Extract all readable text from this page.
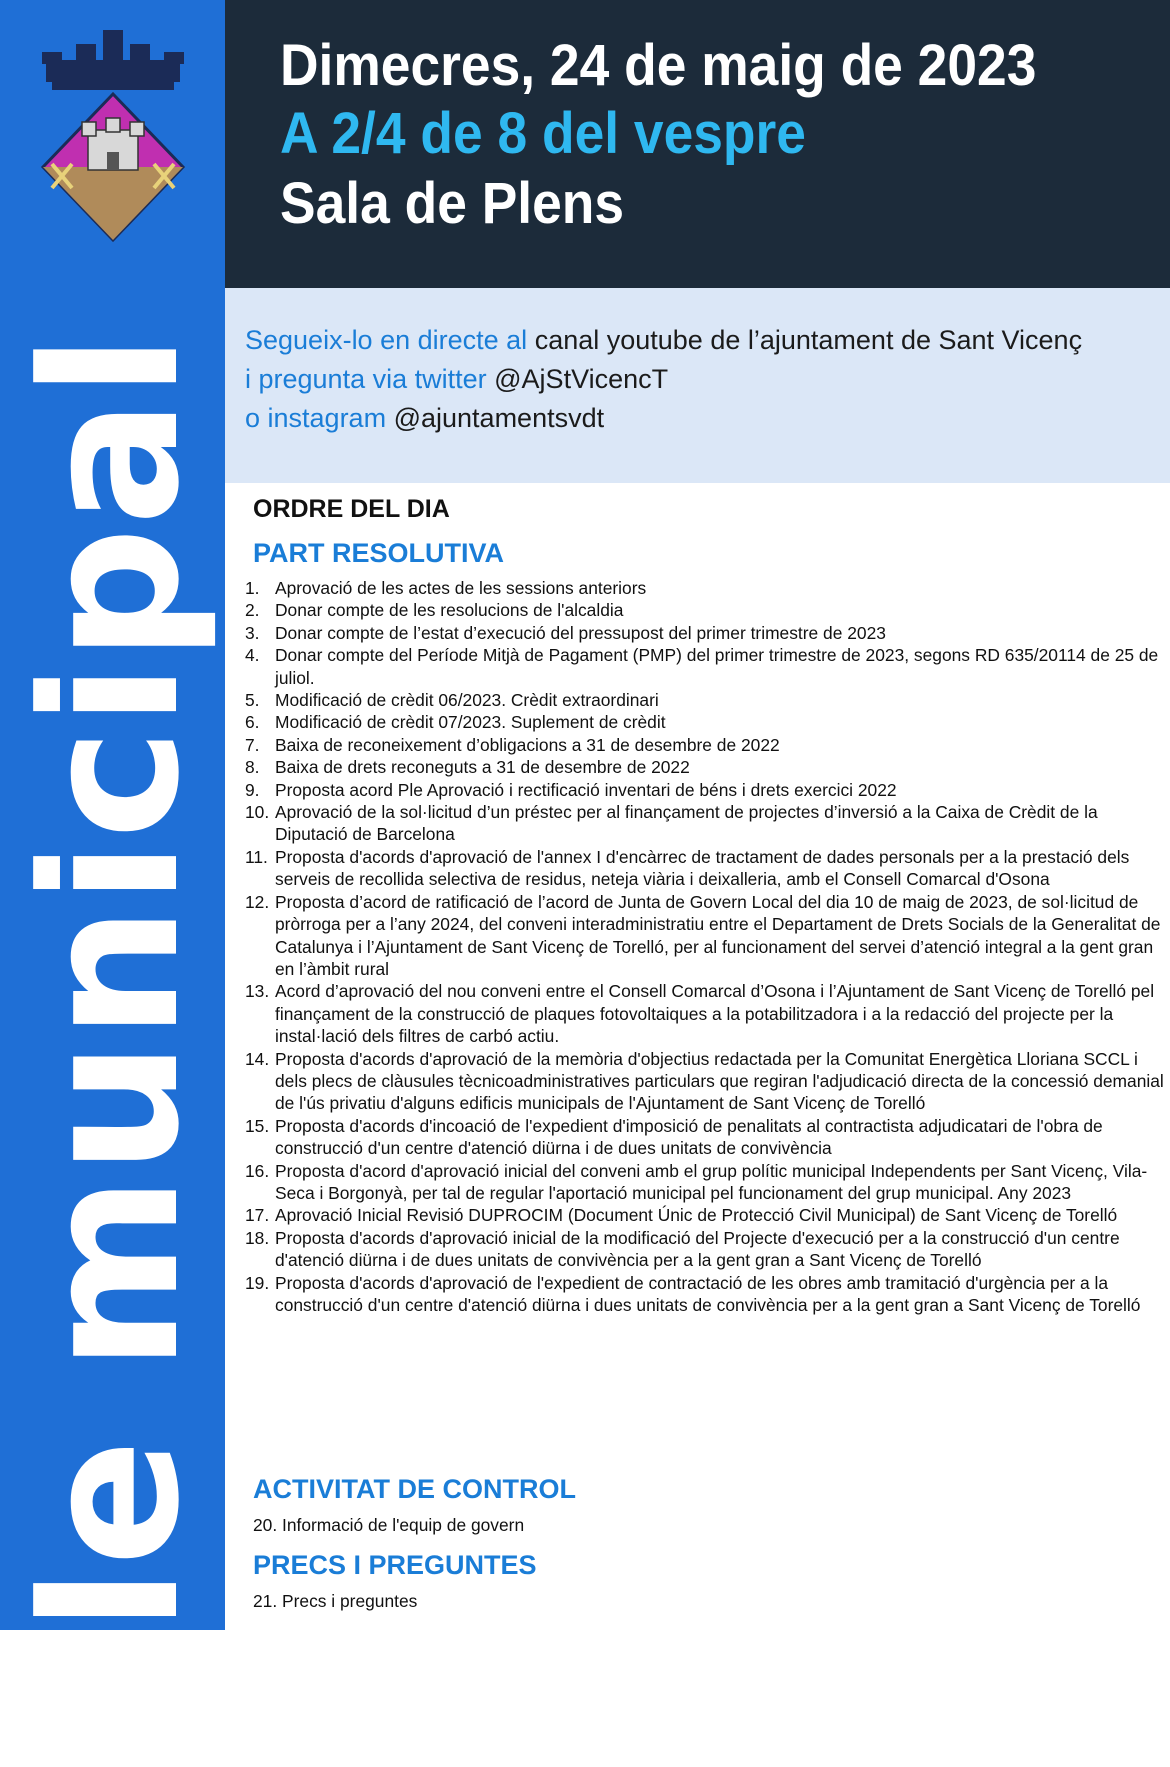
ple municipal
Dimecres, 24 de maig de 2023
A 2/4 de 8 del vespre
Sala de Plens

Segueix-lo en directe al canal youtube de l’ajuntament de Sant Vicenç

i pregunta via twitter @AjStVicencT

o instagram @ajuntamentsvdt

ORDRE DEL DIA
PART RESOLUTIVA
1. Aprovació de les actes de les sessions anteriors
2. Donar compte de les resolucions de l'alcaldia
3. Donar compte de l’estat d’execució del pressupost del primer trimestre de 2023
4. Donar compte del Període Mitjà de Pagament (PMP) del primer trimestre de 2023, segons RD 635/20114 de 25 de juliol.
5. Modificació de crèdit 06/2023. Crèdit extraordinari
6. Modificació de crèdit 07/2023. Suplement de crèdit
7. Baixa de reconeixement d’obligacions a 31 de desembre de 2022
8. Baixa de drets reconeguts a 31 de desembre de 2022
9. Proposta acord Ple Aprovació i rectificació inventari de béns i drets exercici 2022
10. Aprovació de la sol·licitud d’un préstec per al finançament de projectes d’inversió a la Caixa de Crèdit de la Diputació de Barcelona
11. Proposta d'acords d'aprovació de l'annex I d'encàrrec de tractament de dades personals per a la prestació dels serveis de recollida selectiva de residus, neteja viària i deixalleria, amb el Consell Comarcal d'Osona
12. Proposta d’acord de ratificació de l’acord de Junta de Govern Local del dia 10 de maig de 2023, de sol·licitud de pròrroga per a l’any 2024, del conveni interadministratiu entre el Departament de Drets Socials de la Generalitat de Catalunya i l’Ajuntament de Sant Vicenç de Torelló, per al funcionament del servei d’atenció integral a la gent gran en l’àmbit rural
13. Acord d’aprovació del nou conveni entre el Consell Comarcal d’Osona i l’Ajuntament de Sant Vicenç de Torelló pel finançament de la construcció de plaques fotovoltaiques a la potabilitzadora i a la redacció del projecte per la instal·lació dels filtres de carbó actiu.
14. Proposta d'acords d'aprovació de la memòria d'objectius redactada per la Comunitat Energètica Lloriana SCCL i dels plecs de clàusules tècnicoadministratives particulars que regiran l'adjudicació directa de la concessió demanial de l'ús privatiu d'alguns edificis municipals de l'Ajuntament de Sant Vicenç de Torelló
15. Proposta d'acords d'incoació de l'expedient d'imposició de penalitats al contractista adjudicatari de l'obra de construcció d'un centre d'atenció diürna i de dues unitats de convivència
16. Proposta d'acord d'aprovació inicial del conveni amb el grup polític municipal Independents per Sant Vicenç, Vila-Seca i Borgonyà, per tal de regular l'aportació municipal pel funcionament del grup municipal. Any 2023
17. Aprovació Inicial Revisió DUPROCIM (Document Únic de Protecció Civil Municipal) de Sant Vicenç de Torelló
18. Proposta d'acords d'aprovació inicial de la modificació del Projecte d'execució per a la construcció d'un centre d'atenció diürna i de dues unitats de convivència per a la gent gran a Sant Vicenç de Torelló
19. Proposta d'acords d'aprovació de l'expedient de contractació de les obres amb tramitació d'urgència per a la construcció d'un centre d'atenció diürna i dues unitats de convivència per a la gent gran a Sant Vicenç de Torelló
ACTIVITAT DE CONTROL
20. Informació de l'equip de govern
PRECS I PREGUNTES
21. Precs i preguntes
